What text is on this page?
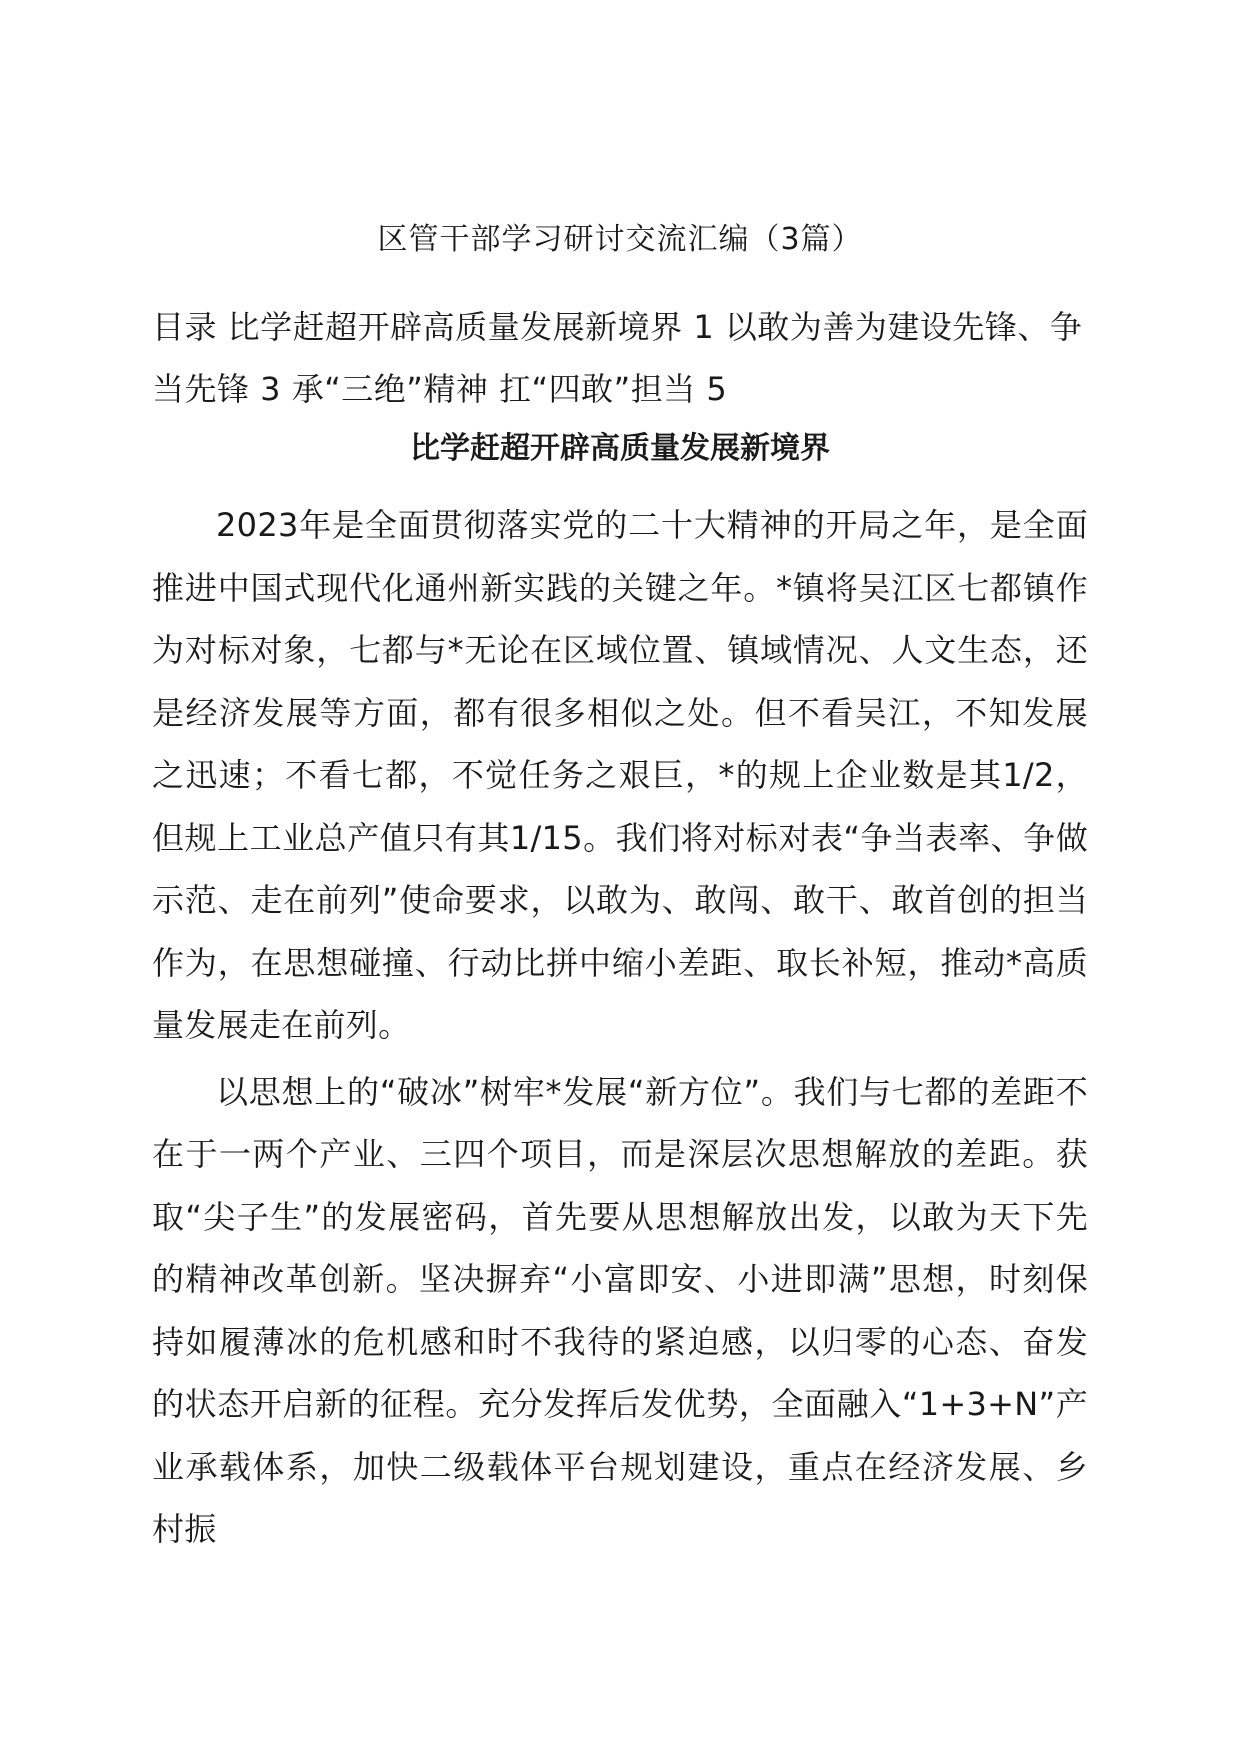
区管干部学习研讨交流汇编（3篇）
目录 比学赶超开辟高质量发展新境界 1 以敢为善为建设先锋、争当先锋 3 承“三绝”精神 扛“四敢”担当 5
比学赶超开辟高质量发展新境界

2023年是全面贯彻落实党的二十大精神的开局之年，是全面推进中国式现代化通州新实践的关键之年。*镇将吴江区七都镇作为对标对象，七都与*无论在区域位置、镇域情况、人文生态，还是经济发展等方面，都有很多相似之处。但不看吴江，不知发展之迅速；不看七都，不觉任务之艰巨，*的规上企业数是其1/2，但规上工业总产值只有其1/15。我们将对标对表“争当表率、争做示范、走在前列”使命要求，以敢为、敢闯、敢干、敢首创的担当作为，在思想碰撞、行动比拼中缩小差距、取长补短，推动*高质量发展走在前列。

以思想上的“破冰”树牢*发展“新方位”。我们与七都的差距不在于一两个产业、三四个项目，而是深层次思想解放的差距。获取“尖子生”的发展密码，首先要从思想解放出发，以敢为天下先的精神改革创新。坚决摒弃“小富即安、小进即满”思想，时刻保持如履薄冰的危机感和时不我待的紧迫感，以归零的心态、奋发的状态开启新的征程。充分发挥后发优势，全面融入“1+3+N”产业承载体系，加快二级载体平台规划建设，重点在经济发展、乡村振
